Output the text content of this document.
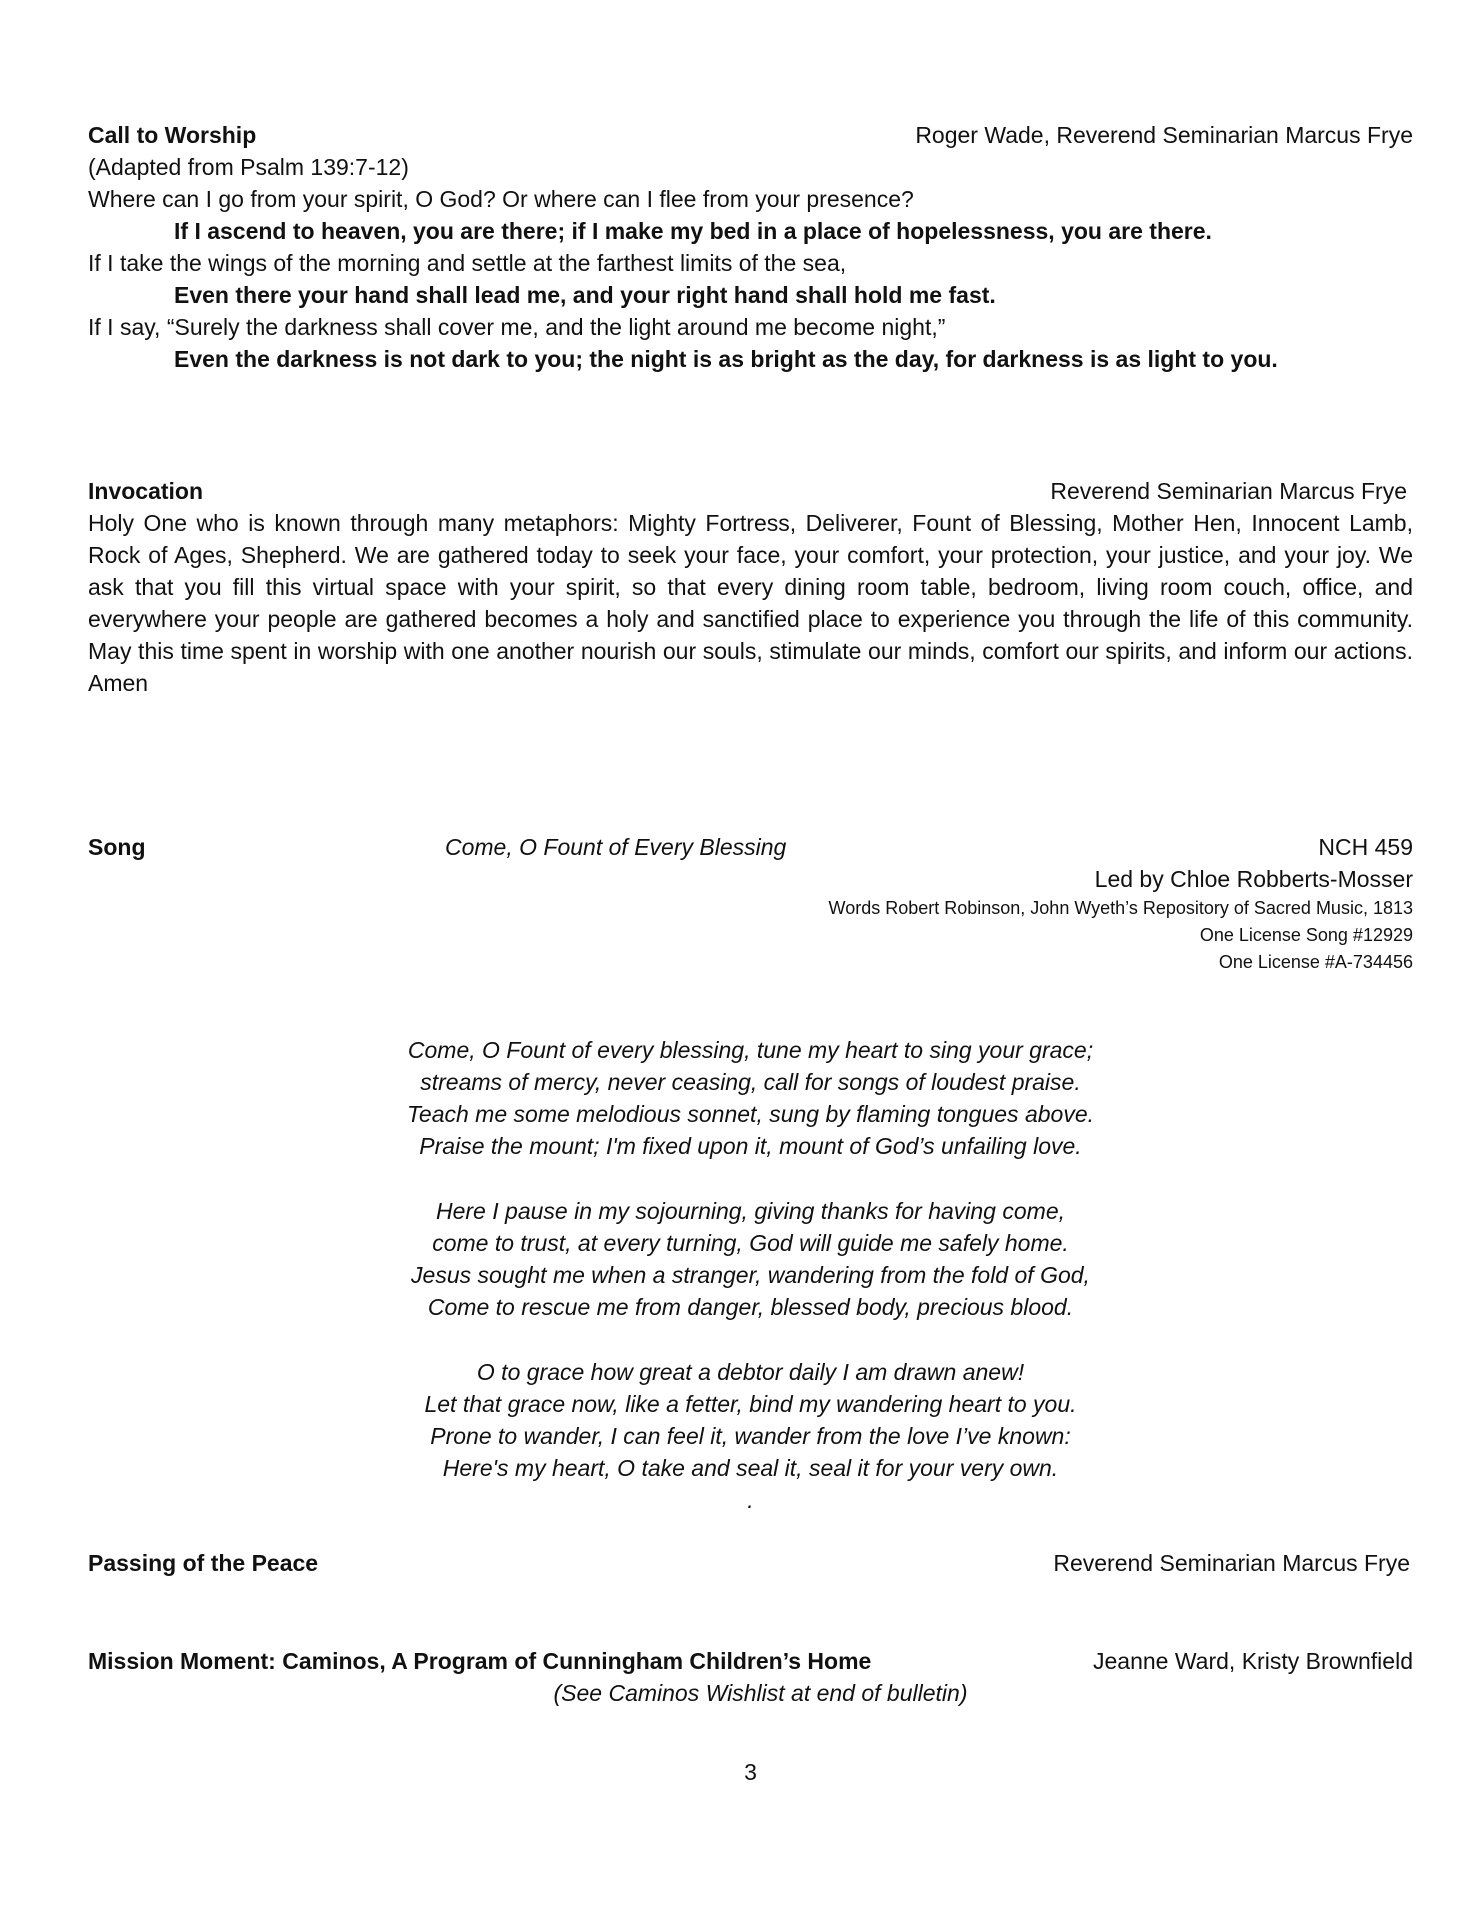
Call to Worship	Roger Wade, Reverend Seminarian Marcus Frye
(Adapted from Psalm 139:7-12)
Where can I go from your spirit, O God? Or where can I flee from your presence?
If I ascend to heaven, you are there; if I make my bed in a place of hopelessness, you are there.
If I take the wings of the morning and settle at the farthest limits of the sea,
Even there your hand shall lead me, and your right hand shall hold me fast.
If I say, “Surely the darkness shall cover me, and the light around me become night,”
Even the darkness is not dark to you; the night is as bright as the day, for darkness is as light to you.
Invocation	Reverend Seminarian Marcus Frye
Holy One who is known through many metaphors: Mighty Fortress, Deliverer, Fount of Blessing, Mother Hen, Innocent Lamb, Rock of Ages, Shepherd. We are gathered today to seek your face, your comfort, your protection, your justice, and your joy. We ask that you fill this virtual space with your spirit, so that every dining room table, bedroom, living room couch, office, and everywhere your people are gathered becomes a holy and sanctified place to experience you through the life of this community. May this time spent in worship with one another nourish our souls, stimulate our minds, comfort our spirits, and inform our actions. Amen
Song	Come, O Fount of Every Blessing	NCH 459
Led by Chloe Robberts-Mosser
Words Robert Robinson, John Wyeth’s Repository of Sacred Music, 1813
One License Song #12929
One License #A-734456
Come, O Fount of every blessing, tune my heart to sing your grace;
streams of mercy, never ceasing, call for songs of loudest praise.
Teach me some melodious sonnet, sung by flaming tongues above.
Praise the mount; I'm fixed upon it, mount of God’s unfailing love.
Here I pause in my sojourning, giving thanks for having come,
come to trust, at every turning, God will guide me safely home.
Jesus sought me when a stranger, wandering from the fold of God,
Come to rescue me from danger, blessed body, precious blood.
O to grace how great a debtor daily I am drawn anew!
Let that grace now, like a fetter, bind my wandering heart to you.
Prone to wander, I can feel it, wander from the love I’ve known:
Here's my heart, O take and seal it, seal it for your very own.
.
Passing of the Peace	Reverend Seminarian Marcus Frye
Mission Moment: Caminos, A Program of Cunningham Children’s Home	Jeanne Ward, Kristy Brownfield
(See Caminos Wishlist at end of bulletin)
3
